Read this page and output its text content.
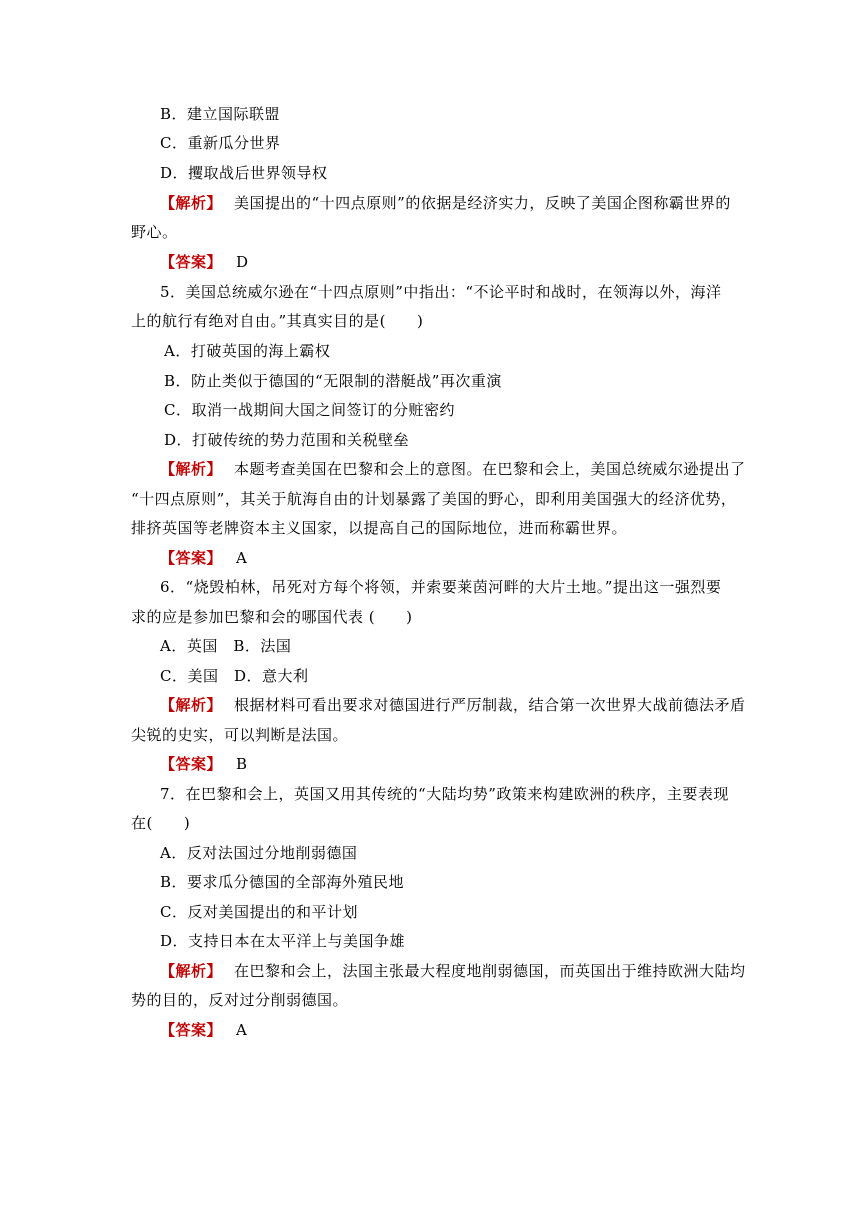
B．建立国际联盟
C．重新瓜分世界
D．攫取战后世界领导权
【解析】 美国提出的“十四点原则”的依据是经济实力，反映了美国企图称霸世界的
野心。
【答案】 D
5．美国总统威尔逊在“十四点原则”中指出：“不论平时和战时，在领海以外，海洋
上的航行有绝对自由。”其真实目的是(　　)
A．打破英国的海上霸权
B．防止类似于德国的“无限制的潜艇战”再次重演
C．取消一战期间大国之间签订的分赃密约
D．打破传统的势力范围和关税壁垒
【解析】 本题考查美国在巴黎和会上的意图。在巴黎和会上，美国总统威尔逊提出了
“十四点原则”，其关于航海自由的计划暴露了美国的野心，即利用美国强大的经济优势，
排挤英国等老牌资本主义国家，以提高自己的国际地位，进而称霸世界。
【答案】 A
6．“烧毁柏林，吊死对方每个将领，并索要莱茵河畔的大片土地。”提出这一强烈要
求的应是参加巴黎和会的哪国代表 (　　)
A．英国　B．法国
C．美国　D．意大利
【解析】 根据材料可看出要求对德国进行严厉制裁，结合第一次世界大战前德法矛盾
尖锐的史实，可以判断是法国。
【答案】 B
7．在巴黎和会上，英国又用其传统的“大陆均势”政策来构建欧洲的秩序，主要表现
在(　　)
A．反对法国过分地削弱德国
B．要求瓜分德国的全部海外殖民地
C．反对美国提出的和平计划
D．支持日本在太平洋上与美国争雄
【解析】 在巴黎和会上，法国主张最大程度地削弱德国，而英国出于维持欧洲大陆均
势的目的，反对过分削弱德国。
【答案】 A
